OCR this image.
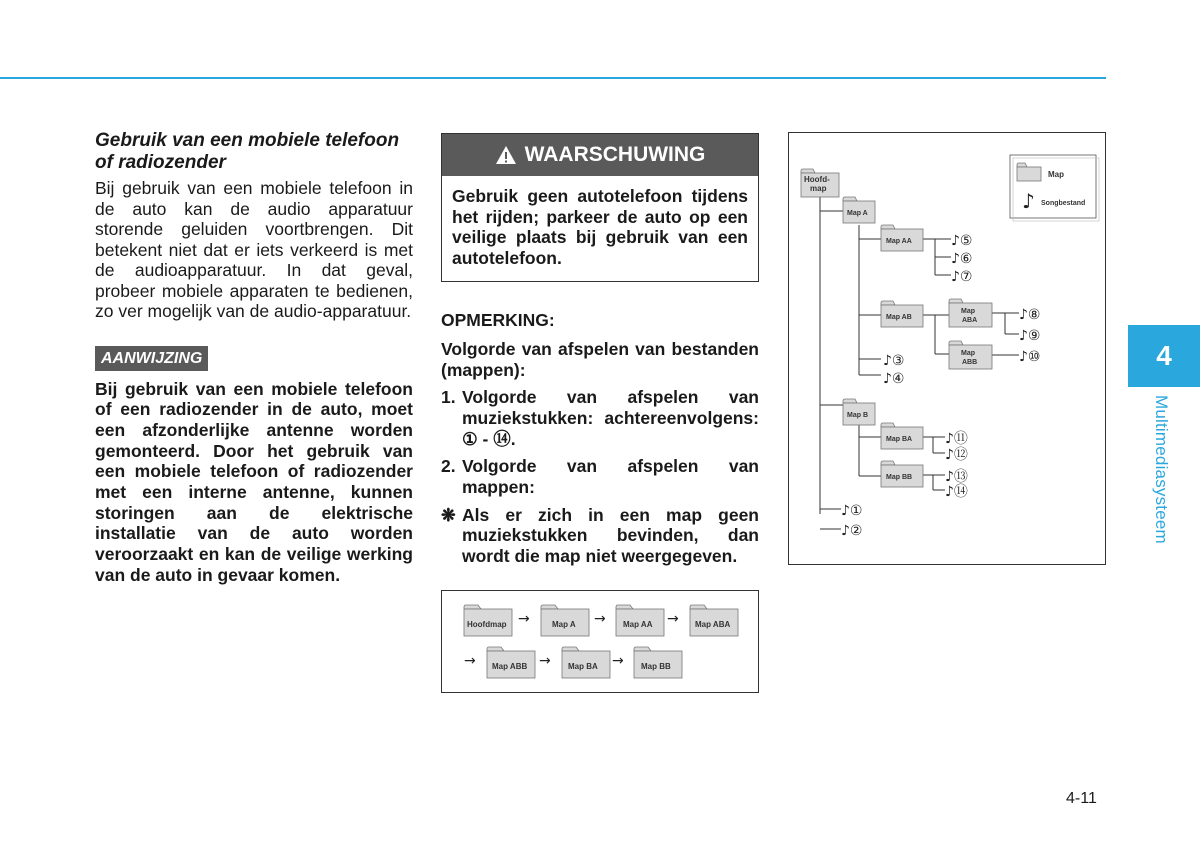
Gebruik van een mobiele telefoon of radiozender

Bij gebruik van een mobiele telefoon in de auto kan de audio apparatuur storende geluiden voortbrengen. Dit betekent niet dat er iets verkeerd is met de audioapparatuur. In dat geval, probeer mobiele apparaten te bedienen, zo ver mogelijk van de audio-apparatuur.

AANWIJZING

Bij gebruik van een mobiele telefoon of een radiozender in de auto, moet een afzonderlijke antenne worden gemonteerd. Door het gebruik van een mobiele telefoon of radiozender met een interne antenne, kunnen storingen aan de elektrische installatie van de auto worden veroorzaakt en kan de veilige werking van de auto in gevaar komen.

WAARSCHUWING
Gebruik geen autotelefoon tijdens het rijden; parkeer de auto op een veilige plaats bij gebruik van een autotelefoon.
OPMERKING:
Volgorde van afspelen van bestanden (mappen):
1. Volgorde van afspelen van muziekstukken: achtereenvolgens: ① - ⑭.
2. Volgorde van afspelen van mappen:
❋ Als er zich in een map geen muziekstukken bevinden, dan wordt die map niet weergegeven.
Hoofdmap →	Map A → Map AA → Map ABA
→ Map ABB → Map BA → Map BB
Map
♪ Songbestand
Hoofd-
map
Map A
Map AA
Map AB
Map
ABA
Map
ABB
Map B
Map BA
Map BB
♪⑤
♪⑥
♪⑦
♪⑧
♪⑨
♪⑩
♪③
♪④
♪⑪
♪⑫
♪⑬
♪⑭
♪①
♪②
4
Multimediasysteem
4-11
